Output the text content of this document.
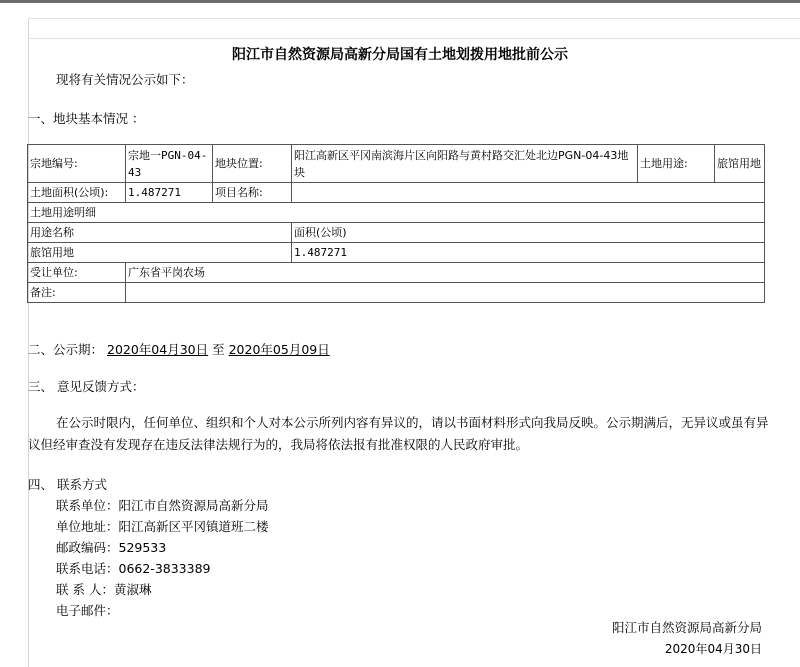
阳江市自然资源局高新分局国有土地划拨用地批前公示
现将有关情况公示如下：
一、地块基本情况 ：
宗地编号:	宗地一PGN-04-43	地块位置:	阳江高新区平冈南滨海片区向阳路与黄村路交汇处北边PGN-04-43地块	土地用途:	旅馆用地
土地面积(公顷):	1.487271	项目名称:			
土地用途明细					
用途名称			面积(公顷)		
旅馆用地			1.487271		
受让单位:	广东省平岗农场				
备注:					
二、公示期： 2020年04月30日 至 2020年05月09日
三、 意见反馈方式：
在公示时限内，任何单位、组织和个人对本公示所列内容有异议的，请以书面材料形式向我局反映。公示期满后，无异议或虽有异议但经审查没有发现存在违反法律法规行为的，我局将依法报有批准权限的人民政府审批。
四、 联系方式
联系单位：阳江市自然资源局高新分局
单位地址：阳江高新区平冈镇道班二楼
邮政编码：529533
联系电话：0662-3833389
联 系 人：黄淑琳
电子邮件：
阳江市自然资源局高新分局
2020年04月30日
